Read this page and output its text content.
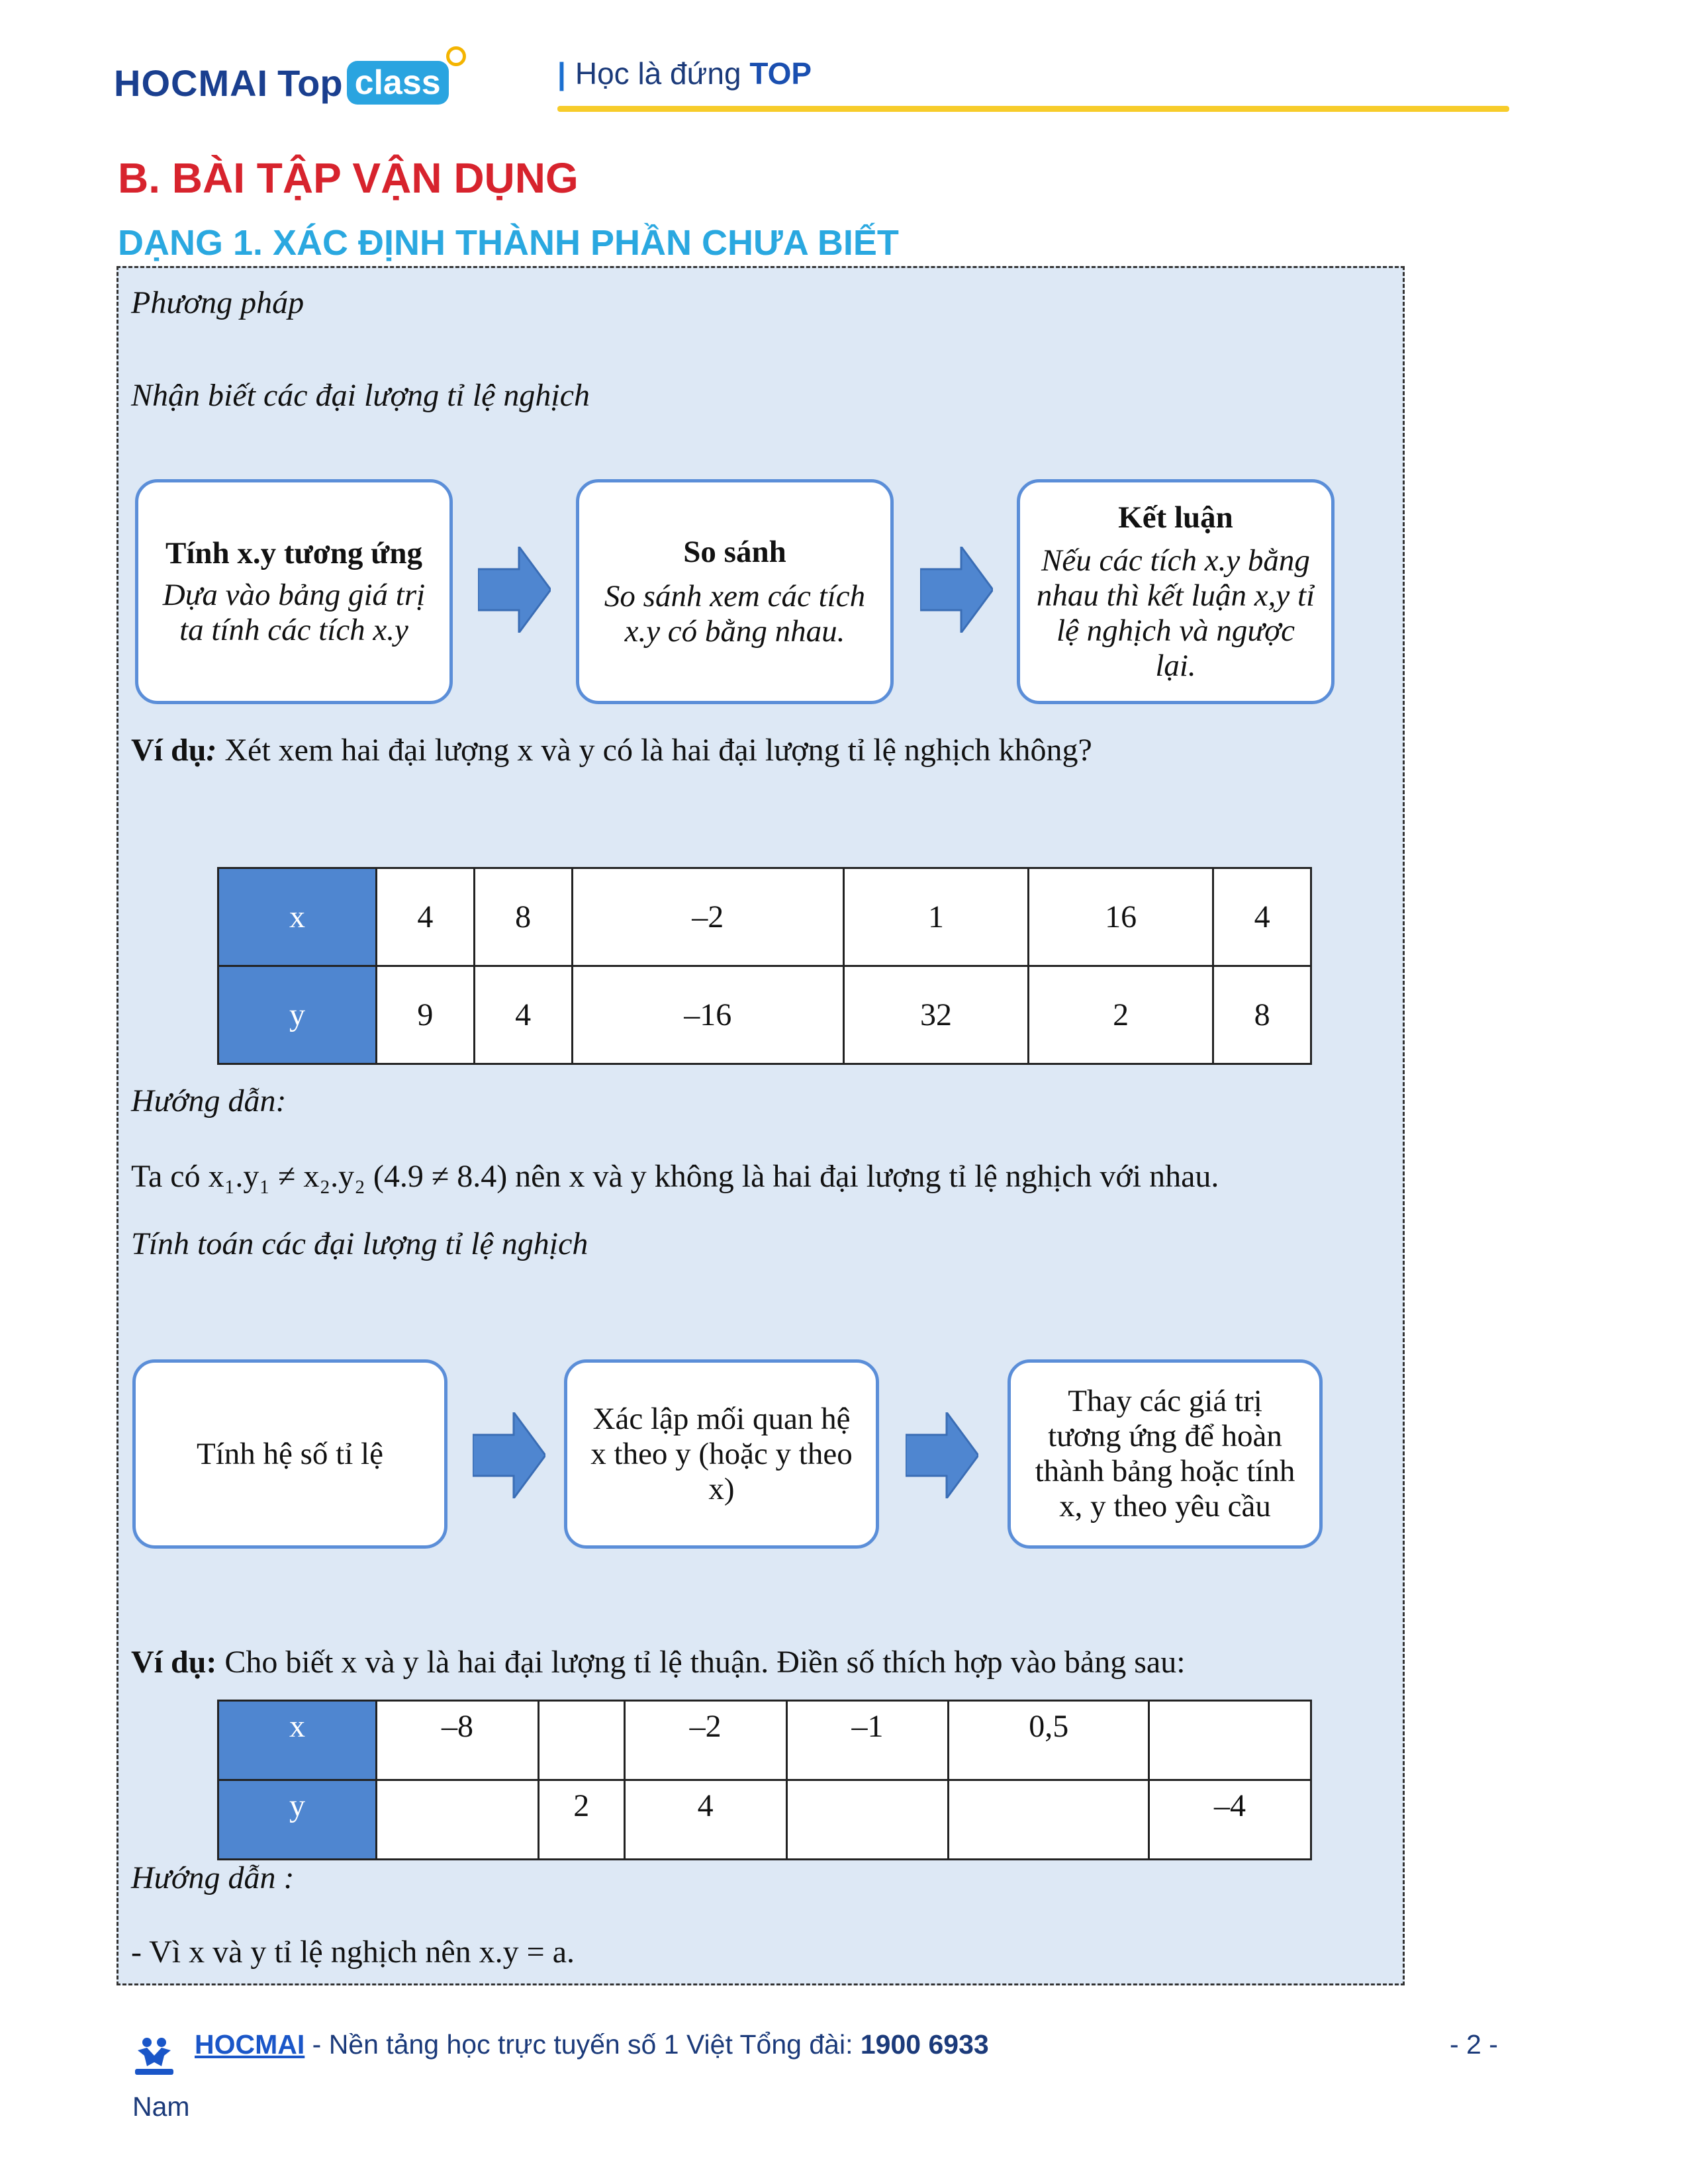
HOCMAI Top class	| Học là đứng TOP
B. BÀI TẬP VẬN DỤNG
DẠNG 1. XÁC ĐỊNH THÀNH PHẦN CHƯA BIẾT
Phương pháp
Nhận biết các đại lượng tỉ lệ nghịch
Tính x.y tương ứng
Dựa vào bảng giá trị ta tính các tích x.y
So sánh
So sánh xem các tích x.y có bằng nhau.
Kết luận
Nếu các tích x.y bằng nhau thì kết luận x,y tỉ lệ nghịch và ngược lại.
Ví dụ: Xét xem hai đại lượng x và y có là hai đại lượng tỉ lệ nghịch không?
x	4	8	–2	1	16	4
y	9	4	–16	32	2	8
Hướng dẫn:
Ta có x₁.y₁ ≠ x₂.y₂ (4.9 ≠ 8.4) nên x và y không là hai đại lượng tỉ lệ nghịch với nhau.
Tính toán các đại lượng tỉ lệ nghịch
Tính hệ số tỉ lệ
Xác lập mối quan hệ x theo y (hoặc y theo x)
Thay các giá trị tương ứng để hoàn thành bảng hoặc tính x, y theo yêu cầu
Ví dụ: Cho biết x và y là hai đại lượng tỉ lệ thuận. Điền số thích hợp vào bảng sau:
x	–8		–2	–1	0,5	
y		2	4			–4
Hướng dẫn :
- Vì x và y tỉ lệ nghịch nên x.y = a.
HOCMAI - Nền tảng học trực tuyến số 1 Việt Tổng đài: 1900 6933	- 2 -
Nam
